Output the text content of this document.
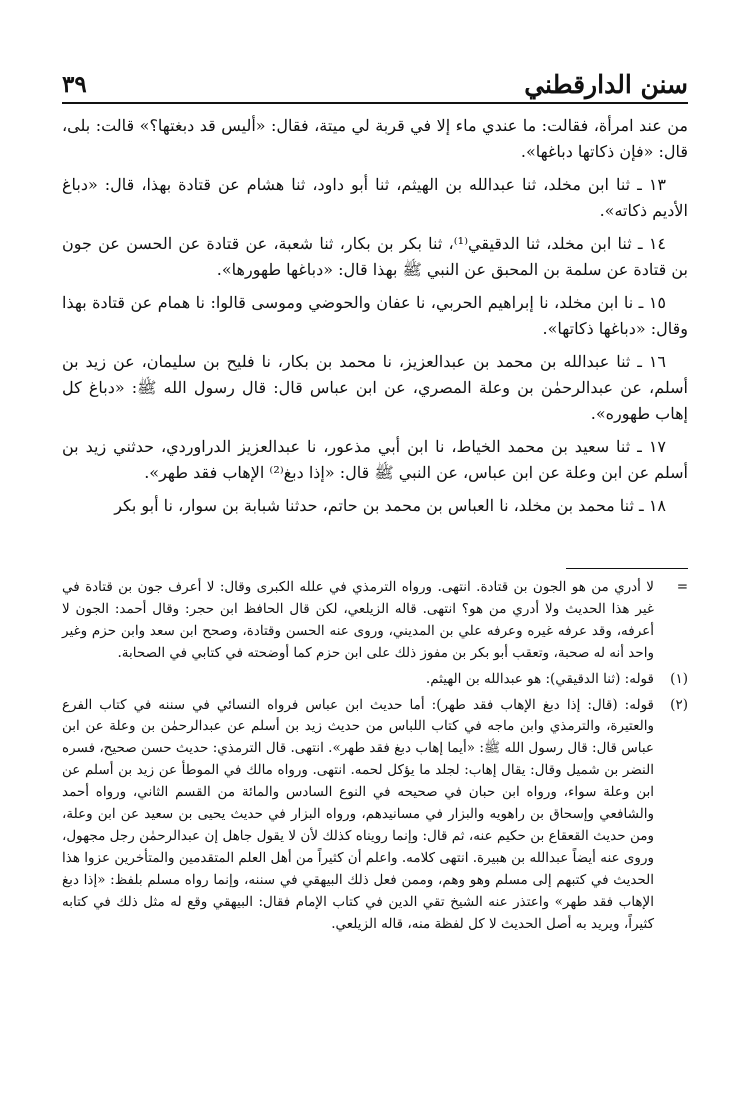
سنن الدارقطني
٣٩

من عند امرأة، فقالت: ما عندي ماء إلا في قربة لي ميتة، فقال: «أليس قد دبغتها؟» قالت: بلى، قال: «فإن ذكاتها دباغها».

١٣ ـ ثنا ابن مخلد، ثنا عبدالله بن الهيثم، ثنا أبو داود، ثنا هشام عن قتادة بهذا، قال: «دباغ الأديم ذكاته».

١٤ ـ ثنا ابن مخلد، ثنا الدقيقي⁽¹⁾، ثنا بكر بن بكار، ثنا شعبة، عن قتادة عن الحسن عن جون بن قتادة عن سلمة بن المحبق عن النبي ﷺ بهذا قال: «دباغها طهورها».

١٥ ـ نا ابن مخلد، نا إبراهيم الحربي، نا عفان والحوضي وموسى قالوا: نا همام عن قتادة بهذا وقال: «دباغها ذكاتها».

١٦ ـ ثنا عبدالله بن محمد بن عبدالعزيز، نا محمد بن بكار، نا فليح بن سليمان، عن زيد بن أسلم، عن عبدالرحمٰن بن وعلة المصري، عن ابن عباس قال: قال رسول الله ﷺ: «دباغ كل إهاب طهوره».

١٧ ـ ثنا سعيد بن محمد الخياط، نا ابن أبي مذعور، نا عبدالعزيز الدراوردي، حدثني زيد بن أسلم عن ابن وعلة عن ابن عباس، عن النبي ﷺ قال: «إذا دبغ⁽²⁾ الإهاب فقد طهر».

١٨ ـ ثنا محمد بن مخلد، نا العباس بن محمد بن حاتم، حدثنا شبابة بن سوار، نا أبو بكر

=

لا أدري من هو الجون بن قتادة. انتهى. ورواه الترمذي في علله الكبرى وقال: لا أعرف جون بن قتادة في غير هذا الحديث ولا أدري من هو؟ انتهى. قاله الزيلعي، لكن قال الحافظ ابن حجر: وقال أحمد: الجون لا أعرفه، وقد عرفه غيره وعرفه علي بن المديني، وروى عنه الحسن وقتادة، وصحح ابن سعد وابن حزم وغير واحد أنه له صحبة، وتعقب أبو بكر بن مفوز ذلك على ابن حزم كما أوضحته في كتابي في الصحابة.

(١)

قوله: (ثنا الدقيقي): هو عبدالله بن الهيثم.

(٢)

قوله: (قال: إذا دبغ الإهاب فقد طهر): أما حديث ابن عباس فرواه النسائي في سننه في كتاب الفرع والعتيرة، والترمذي وابن ماجه في كتاب اللباس من حديث زيد بن أسلم عن عبدالرحمٰن بن وعلة عن ابن عباس قال: قال رسول الله ﷺ: «أيما إهاب دبغ فقد طهر». انتهى. قال الترمذي: حديث حسن صحيح، فسره النضر بن شميل وقال: يقال إهاب: لجلد ما يؤكل لحمه. انتهى. ورواه مالك في الموطأ عن زيد بن أسلم عن ابن وعلة سواء، ورواه ابن حبان في صحيحه في النوع السادس والمائة من القسم الثاني، ورواه أحمد والشافعي وإسحاق بن راهويه والبزار في مسانيدهم، ورواه البزار في حديث يحيى بن سعيد عن ابن وعلة، ومن حديث القعقاع بن حكيم عنه، ثم قال: وإنما رويناه كذلك لأن لا يقول جاهل إن عبدالرحمٰن رجل مجهول، وروى عنه أيضاً عبدالله بن هبيرة. انتهى كلامه. واعلم أن كثيراً من أهل العلم المتقدمين والمتأخرين عزوا هذا الحديث في كتبهم إلى مسلم وهو وهم، وممن فعل ذلك البيهقي في سننه، وإنما رواه مسلم بلفظ: «إذا دبغ الإهاب فقد طهر» واعتذر عنه الشيخ تقي الدين في كتاب الإمام فقال: البيهقي وقع له مثل ذلك في كتابه كثيراً، ويريد به أصل الحديث لا كل لفظة منه، قاله الزيلعي.
